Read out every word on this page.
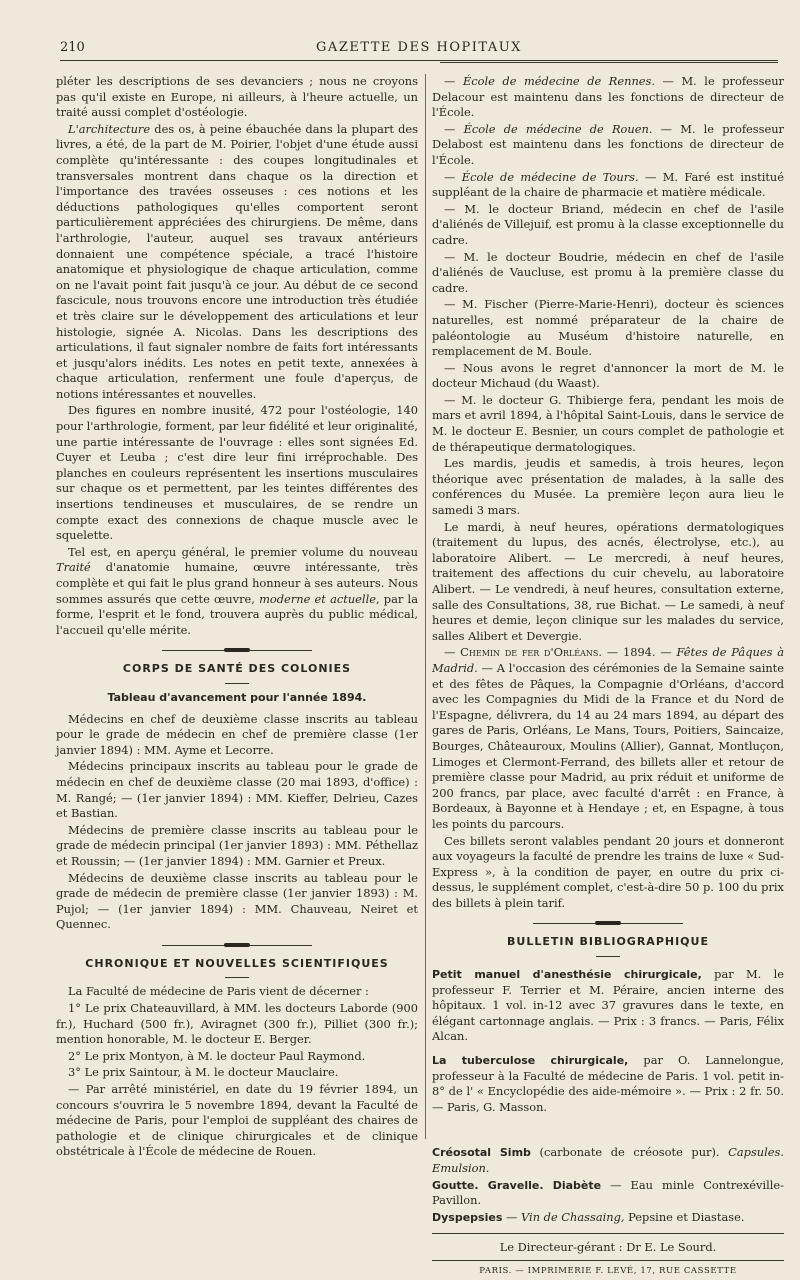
210	GAZETTE DES HOPITAUX

pléter les descriptions de ses devanciers ; nous ne croyons pas qu'il existe en Europe, ni ailleurs, à l'heure actuelle, un traité aussi complet d'ostéologie.

L'architecture des os, à peine ébauchée dans la plupart des livres, a été, de la part de M. Poirier, l'objet d'une étude aussi complète qu'intéressante : des coupes longitudinales et transversales montrent dans chaque os la direction et l'importance des travées osseuses : ces notions et les déductions pathologiques qu'elles comportent seront particulièrement appréciées des chirurgiens. De même, dans l'arthrologie, l'auteur, auquel ses travaux antérieurs donnaient une compétence spéciale, a tracé l'histoire anatomique et physiologique de chaque articulation, comme on ne l'avait point fait jusqu'à ce jour. Au début de ce second fascicule, nous trouvons encore une introduction très étudiée et très claire sur le développement des articulations et leur histologie, signée A. Nicolas. Dans les descriptions des articulations, il faut signaler nombre de faits fort intéressants et jusqu'alors inédits. Les notes en petit texte, annexées à chaque articulation, renferment une foule d'aperçus, de notions intéressantes et nouvelles.

Des figures en nombre inusité, 472 pour l'ostéologie, 140 pour l'arthrologie, forment, par leur fidélité et leur originalité, une partie intéressante de l'ouvrage : elles sont signées Ed. Cuyer et Leuba ; c'est dire leur fini irréprochable. Des planches en couleurs représentent les insertions musculaires sur chaque os et permettent, par les teintes différentes des insertions tendineuses et musculaires, de se rendre un compte exact des connexions de chaque muscle avec le squelette.

Tel est, en aperçu général, le premier volume du nouveau Traité d'anatomie humaine, œuvre intéressante, très complète et qui fait le plus grand honneur à ses auteurs. Nous sommes assurés que cette œuvre, moderne et actuelle, par la forme, l'esprit et le fond, trouvera auprès du public médical, l'accueil qu'elle mérite.

CORPS DE SANTÉ DES COLONIES
Tableau d'avancement pour l'année 1894.

Médecins en chef de deuxième classe inscrits au tableau pour le grade de médecin en chef de première classe (1er janvier 1894) : MM. Ayme et Lecorre.

Médecins principaux inscrits au tableau pour le grade de médecin en chef de deuxième classe (20 mai 1893, d'office) : M. Rangé; — (1er janvier 1894) : MM. Kieffer, Delrieu, Cazes et Bastian.

Médecins de première classe inscrits au tableau pour le grade de médecin principal (1er janvier 1893) : MM. Péthellaz et Roussin; — (1er janvier 1894) : MM. Garnier et Preux.

Médecins de deuxième classe inscrits au tableau pour le grade de médecin de première classe (1er janvier 1893) : M. Pujol; — (1er janvier 1894) : MM. Chauveau, Neiret et Quennec.

CHRONIQUE ET NOUVELLES SCIENTIFIQUES

La Faculté de médecine de Paris vient de décerner :

1° Le prix Chateauvillard, à MM. les docteurs Laborde (900 fr.), Huchard (500 fr.), Aviragnet (300 fr.), Pilliet (300 fr.); mention honorable, M. le docteur E. Berger.

2° Le prix Montyon, à M. le docteur Paul Raymond.

3° Le prix Saintour, à M. le docteur Mauclaire.

— Par arrêté ministériel, en date du 19 février 1894, un concours s'ouvrira le 5 novembre 1894, devant la Faculté de médecine de Paris, pour l'emploi de suppléant des chaires de pathologie et de clinique chirurgicales et de clinique obstétricale à l'École de médecine de Rouen.

— École de médecine de Rennes. — M. le professeur Delacour est maintenu dans les fonctions de directeur de l'École.

— École de médecine de Rouen. — M. le professeur Delabost est maintenu dans les fonctions de directeur de l'École.

— École de médecine de Tours. — M. Faré est institué suppléant de la chaire de pharmacie et matière médicale.

— M. le docteur Briand, médecin en chef de l'asile d'aliénés de Villejuif, est promu à la classe exceptionnelle du cadre.

— M. le docteur Boudrie, médecin en chef de l'asile d'aliénés de Vaucluse, est promu à la première classe du cadre.

— M. Fischer (Pierre-Marie-Henri), docteur ès sciences naturelles, est nommé préparateur de la chaire de paléontologie au Muséum d'histoire naturelle, en remplacement de M. Boule.

— Nous avons le regret d'annoncer la mort de M. le docteur Michaud (du Waast).

— M. le docteur G. Thibierge fera, pendant les mois de mars et avril 1894, à l'hôpital Saint-Louis, dans le service de M. le docteur E. Besnier, un cours complet de pathologie et de thérapeutique dermatologiques.

Les mardis, jeudis et samedis, à trois heures, leçon théorique avec présentation de malades, à la salle des conférences du Musée. La première leçon aura lieu le samedi 3 mars.

Le mardi, à neuf heures, opérations dermatologiques (traitement du lupus, des acnés, électrolyse, etc.), au laboratoire Alibert. — Le mercredi, à neuf heures, traitement des affections du cuir chevelu, au laboratoire Alibert. — Le vendredi, à neuf heures, consultation externe, salle des Consultations, 38, rue Bichat. — Le samedi, à neuf heures et demie, leçon clinique sur les malades du service, salles Alibert et Devergie.

— Chemin de fer d'Orléans. — 1894. — Fêtes de Pâques à Madrid. — A l'occasion des cérémonies de la Semaine sainte et des fêtes de Pâques, la Compagnie d'Orléans, d'accord avec les Compagnies du Midi de la France et du Nord de l'Espagne, délivrera, du 14 au 24 mars 1894, au départ des gares de Paris, Orléans, Le Mans, Tours, Poitiers, Saincaize, Bourges, Châteauroux, Moulins (Allier), Gannat, Montluçon, Limoges et Clermont-Ferrand, des billets aller et retour de première classe pour Madrid, au prix réduit et uniforme de 200 francs, par place, avec faculté d'arrêt : en France, à Bordeaux, à Bayonne et à Hendaye ; et, en Espagne, à tous les points du parcours.

Ces billets seront valables pendant 20 jours et donneront aux voyageurs la faculté de prendre les trains de luxe « Sud-Express », à la condition de payer, en outre du prix ci-dessus, le supplément complet, c'est-à-dire 50 p. 100 du prix des billets à plein tarif.

BULLETIN BIBLIOGRAPHIQUE

Petit manuel d'anesthésie chirurgicale, par M. le professeur F. Terrier et M. Péraire, ancien interne des hôpitaux. 1 vol. in-12 avec 37 gravures dans le texte, en élégant cartonnage anglais. — Prix : 3 francs. — Paris, Félix Alcan.

La tuberculose chirurgicale, par O. Lannelongue, professeur à la Faculté de médecine de Paris. 1 vol. petit in-8° de l' « Encyclopédie des aide-mémoire ». — Prix : 2 fr. 50. — Paris, G. Masson.

Créosotal Simb (carbonate de créosote pur). Capsules. Emulsion.

Goutte. Gravelle. Diabète — Eau minle Contrexéville-Pavillon.

Dyspepsies — Vin de Chassaing, Pepsine et Diastase.

Le Directeur-gérant : Dr E. Le Sourd.
PARIS. — IMPRIMERIE F. LEVÉ, 17, RUE CASSETTE
